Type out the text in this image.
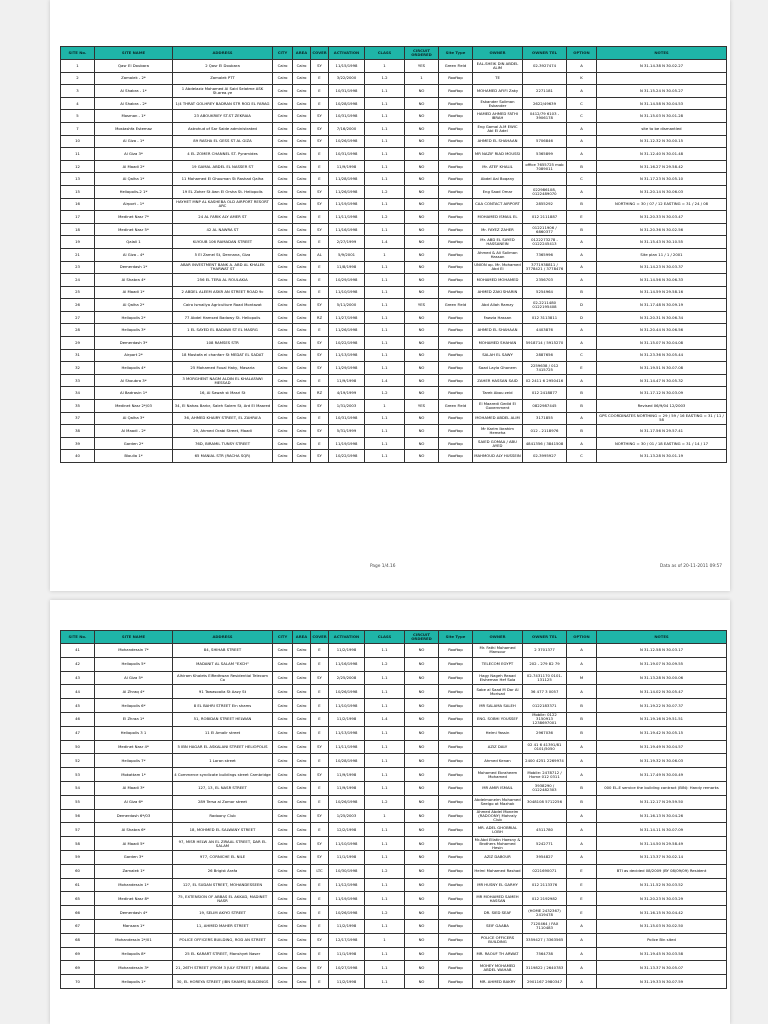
SITE No.	SITE NAME	ADDRESS	CITY	AREA	COVER	ACTIVATION	CLASS	CIRCUIT ORDERED	Site Type	OWNER	OWNER TEL	OPTION	NOTES
1	Qasr El Doubara	2 Qasr El Doubara	Cairo	Cairo	SY	11/15/1998	1	YES	Green Field	EAL-SHEIK DIN ABDEL ALIM	02-3927474	A	N 31.14.38 N 30.02.27
2	Zamalek - 2*	Zamalek PTT	Cairo	Cairo	E	3/22/2000	1.2	1	Rooftop	TE		K	
3	Al Shabra - 1*	1 Abdelaziz Mohamed Al Said Selatme ASK St.area.ye	Cairo	Cairo	E	10/31/1998	1.1	NO	Rooftop	MOHAMED AFIFI Zaky	2271181	A	N 31.15.24 N 30.05.27
4	Al Shabra - 2*	1/4 THRAT GOLHREY BADRAN STR ROD EL FARAG	Cairo	Cairo	E	10/28/1998	1.1	NO	Rooftop	Eskander Soliman Eskander	2622/49639	C	N 31.14.58 N 30.04.53
5	Mosman - 1*	23 ABOUKRIEY ST.ST ZEKRAIA	Cairo	Cairo	SY	10/31/1998	1.1	NO	Rooftop	HAMED AHMED FATHI IBRAH	0412/79 6103 - 3906178	C	N 31.15.03 N 30.01.28
7	Mostashfa Estemaz	Astrohud of Sar Saide administrated	Cairo	Cairo	SY	7/16/2000	1.1	NO	Rooftop	Eng Gamal A.M EWIC Abl El Adel		A	site to be dismantled
10	Al Giza - 1*	89 RASHA EL GESS ST AL GIZA	Cairo	Cairo	SY	10/26/1998	1.1	NO	Rooftop	AHMED EL SHAHAAN	5706846	A	N 31.12.32 N 30.00.15
11	Al Giza 3*	4 EL ZOMER CHANNEL ST. Pyramides	Cairo	Cairo	E	10/31/1998	1.1	NO	Rooftop	MR NAZIF RIAD MOUSSI	5365899	A	N 31.12.40 N 30.01.48
12	Al Maadi 2*	19 GAMAL ABDEL EL NASSER ST	Cairo	Cairo	E	11/9/1998	1.1	NO	Rooftop	Mr. ATEF KHALIL	office 7655725 mob 7089011	B	N 31.16.27 N 29.58.42
13	Al Qalha 1*	11 Mohamed El Ghouman St Rashad Qalha	Cairo	Cairo	E	11/28/1998	1.1	NO	Rooftop	Abdel Aal Boqany		C	N 31.17.23 N 30.05.10
15	Heliopolis-2 1*	19 EL Zoher St Awn El Orsha St. Heliopolis	Cairo	Cairo	SY	11/26/1998	1.2	NO	Rooftop	Eng Saad Omar	022986108, 0122489070	A	N 31.20.14 N 30.06.03
16	Airport - 1*	HAYHET MNP AL KASHEBA OLD AIRPORT RESORT ARC	Cairo	Cairo	SY	11/19/1998	1.1	NO	Rooftop	CAA CONTACT AIRPORT	2855292	B	NORTHING = 30 / 07 / 12 EASTING = 31 / 24 / 08
17	Medinet Nasr 7*	24 AL FARIK ALY AMER ST	Cairo	Cairo	E	11/11/1998	1.2	NO	Rooftop	MOHAMED ISMAIL EL	012 2111887	E	N 31.20.33 N 30.03.47
18	Medinet Nasr 5*	42 AL NAWRA ST	Cairo	Cairo	SY	11/16/1998	1.1	NO	Rooftop	Mr. FAYEZ ZAHER	012211906 / 6860377	B	N 31.20.36 N 30.02.56
19	Qalali 1	KLYOUB 106 RAMADAN STREET	Cairo	Cairo	E	2/27/1999	1.4	NO	Rooftop	Mr. ABD EL SAYED HASSANEIN	0122273278 - 0122245413	A	N 31.15.43 N 30.10.55
21	Al Giza - 4*	5 El Zamel St, Dennana, Giza	Cairo	Cairo	AL	5/9/2001	1	NO	Rooftop	Ahmed & Ali Soliman Hassan	7365996	A	Site plan 11 / 1 / 2001
23	Demerdash 1*	ABAR INVESTMENT BANK A. ABD AL KHALEK THARWAT ST	Cairo	Cairo	E	11/8/1998	1.1	NO	Rooftop	UNION op. Mr. Mohamed Abd El	3771938811 / 3778421 / 3778476	A	N 31.14.23 N 30.03.37
24	Al Shabra 4*	256 EL TERA AL ROULAKIA	Cairo	Cairo	E	10/29/1998	1.1	NO	Rooftop	MOHAMED MOHAMED	2356703	A	N 31.14.56 N 30.06.33
25	Al Maadi 1*	2 ABDEL ALEEM ASKR AN STREET ROAD 9c	Cairo	Cairo	E	11/10/1998	1.1	NO	Rooftop	AHMED ZAKI SHARIN	5254964	B	N 31.14.59 N 29.58.16
26	Al Qalha 2*	Cairo Ismailya Agriculture Road Montazat	Cairo	Cairo	SY	5/11/2000	1.1	YES	Green Field	Abd Allah Ramzy	02-2211480 0122195408	D	N 31.17.48 N 30.09.19
27	Heliopolis 2*	77 Abdel Hamsed Badawy St. Heliopolis	Cairo	Cairo	RZ	11/27/1998	1.1	NO	Rooftop	Fawzia Hassan	012 3113811	D	N 31.20.31 N 30.06.34
28	Heliopolis 3*	1 EL SAYED EL BADAWI ST EL MASRG	Cairo	Cairo	E	11/26/1998	1.1	NO	Rooftop	AHMED EL SHAHAAN	4403876	A	N 31.20.44 N 30.06.56
29	Demerdash 3*	108 RAMSES STR	Cairo	Cairo	SY	10/22/1998	1.1	NO	Rooftop	MOHAMED SHAHAN	5918714 / 5915270	A	N 31.15.07 N 30.04.08
31	Airport 2*	18 Mostafa el chanfarr St MEDAT EL SADAT	Cairo	Cairo	SY	11/13/1998	1.1	NO	Rooftop	SALAH EL SAWY	2887656	C	N 31.23.36 N 30.05.44
32	Heliopolis 4*	25 Mohamed Foual Haky, Masaria	Cairo	Cairo	SY	11/29/1998	1.1	NO	Rooftop	Saad Layla Ghonem	2259638 / 012 7415725	E	N 31.19.51 N 30.07.08
33	Al Shoubra 3*	3 MORGHENT NAGM ALDIN EL KHALAFAWI MESSAD	Cairo	Cairo	E	11/9/1998	1.4	NO	Rooftop	ZAHER HASSAN SAID	02 2411 6 2950416	A	N 31.14.47 N 30.05.32
34	Al Badrasin 1*	16, Al Sawah st Masri St	Cairo	Cairo	RZ	4/19/1999	1.2	NO	Rooftop	Tarek Abou zeid	012 2418877	B	N 31.17.12 N 30.03.09
35	Medinet Nasr 2*/03	34, El Nahas Barbr, Saleh Salem St, Ard El Maared	Cairo	Cairo	SY	1/31/2003	1	YES	Green Field	El Maaredi Gedid El Government	0822987445	B	Revised 06/9/04 12/2003
37	Al Qalha 3*	36, AHMED KHAIRY STREET, EL ZAHRA'A	Cairo	Cairo	E	10/31/1998	1.1	NO	Rooftop	MOHAMED ABDEL ALIM	3171855	A	GPS COORDINATES NORTHING = 29 / 59 / 16 EASTING = 31 / 11 / 58
38	Al Maadi - 2*	29, Ahmed Orabi Street, Maadi	Cairo	Cairo	SY	5/31/1999	1.1	NO	Rooftop	Mr Karim Ibrahim Hemeha	012 - 2118976	B	N 31.17.56 N 29.57.41
39	Garden 2*	76D, BIRAMIL TUNSY STREET	Cairo	Cairo	E	11/19/1998	1.1	NO	Rooftop	SAIED GOMAA / ABU AYED	4841356 / 3841508	A	NORTHING = 30 / 01 / 18 EASTING = 31 / 14 / 17
40	Bloulia 1*	65 MANIAL STR (RACHA SQR)	Cairo	Cairo	SY	10/22/1998	1.1	NO	Rooftop	MAHMOUD ALY HUSSEIN	02-3995927	C	N 31.13.28 N 30.01.19
Page 1/4.16	Data as of 20-11-2011 09:57
SITE No.	SITE NAME	ADDRESS	CITY	AREA	COVER	ACTIVATION	CLASS	CIRCUIT ORDERED	Site Type	OWNER	OWNER TEL	OPTION	NOTES
41	Mohandessin 7*	84, SHIHAB STREET	Cairo	Cairo	E	11/2/1998	1.1	NO	Rooftop	Mr. Fathi Mohamed Mansour	2 3701377	A	N 31.12.58 N 30.03.17
42	Heliopolis 5*	MADANIT AL SALAM "EXCH"	Cairo	Cairo	E	11/16/1998	1.2	NO	Rooftop	TELECOM EGYPT	202 - 279 82 79	A	N 31.19.07 N 30.09.55
43	Al Giza 5*	Alhiram Khalets ElRedhwan Residential Telecom Co	Cairo	Cairo	SY	2/25/2008	1.1	NO	Rooftop	Hagy Nageh Reaad Elsheman Hef Sola	02-7431170 0101-131125	M	N 31.13.28 N 30.00.06
44	Al Zhraq 4*	91 Tawasoolia St Aazy St	Cairo	Cairo	E	10/26/1998	1.1	NO	Rooftop	Sabe al Saad M Dar Al Morisad	36 477 3 0057	A	N 31.14.02 N 30.05.47
45	Heliopolis 6*	8 EL BAHRI STREET Ein shams	Cairo	Cairo	E	11/10/1998	1.1	NO	Rooftop	MR SALAMA SALEH	0122183371	B	N 31.19.22 N 30.07.37
46	El Zhraa 1*	51, ROBIDAN STREET HELWAN	Cairo	Cairo	E	11/2/1998	1.4	NO	Rooftop	ENG. SOBHI YOUSSEF	Mobile: 0122 3150913 1238697001	B	N 31.19.16 N 29.51.51
47	Heliopolis 3 1	11 El Amalir street	Cairo	Cairo	E	11/13/1998	1.1	NO	Rooftop	Helmi Yassin	2967036	B	N 31.19.42 N 30.05.15
50	Medinet Nasr 4*	5 IBN HAGAR EL ASKALANI STREET HELIOPOLIS	Cairo	Cairo	SY	11/11/1998	1.1	NO	Rooftop	AZIZ DALY	02 41 6 41391/81 0101/5050	A	N 31.19.49 N 30.04.57
52	Heliopolis 7*	1 Loran street	Cairo	Cairo	E	10/28/1998	1.1	NO	Rooftop	Ahmed Kenan	2400 4251 2269974	A	N 31.19.32 N 30.06.03
53	Mokattam 1*	4 Commerce syndicate buildings street Cambridge	Cairo	Cairo	SY	11/9/1998	1.1	NO	Rooftop	Mohamed Ebraheem Mohamed	Mobile: 2478712 / Home 012 0311	A	N 31.17.49 N 30.00.49
54	Al Maadi 3*	127, 13, EL NASR STREET	Cairo	Cairo	E	11/9/1998	1.1	NO	Rooftop	MR AMIR ISMAIL	3938290 / 0122482303	B	000 EL-E service the building contract (BIN): Handy remarks
55	Al Giza 6*	289 Tersa al Zomor street	Cairo	Cairo	E	10/26/1998	1.2	NO	Rooftop	Abdelmoneim Mohamed Seelgo at Mazhak	3048108 5712256	B	N 31.12.17 N 29.59.50
56	Demerdash 6*/03	Radoony Club	Cairo	Cairo	SY	1/25/2003	1	NO	Rooftop	Ahmed Abdel Moneim (RADOONY) Mohraly Club		A	N 31.16.13 N 30.04.26
57	Al Shabra 6*	18, MOHMED EL SALWANY STREET	Cairo	Cairo	E	12/2/1998	1.1	NO	Rooftop	MR. ADEL GHOBRIAL LOBH	4511780	A	N 31.14.11 N 30.07.09
58	Al Maadi 5*	97, MISR HELW AN EL ZIRAAL STREET, DAR EL SALAM	Cairo	Cairo	SY	11/10/1998	1.1	NO	Rooftop	Mr.Abd Ellatin Hoesny & Brothers Mohamed Hesin	5242771	A	N 31.14.50 N 29.58.49
59	Garden 3*	977, CORNICHE EL NILE	Cairo	Cairo	SY	11/1/1998	1.1	NO	Rooftop	AZIZ DABOUR	3954827	A	N 31.13.37 N 30.02.14
60	Zamalek 1*	26 Brigist Arafa	Cairo	Cairo	LTC	10/30/1998	1.2	NO	Rooftop	Helmi Mohamed Rashad	0221690071	E	BTI as decided 08/2009 (BY 08/09/09) Resident
61	Mohandessin 1*	127, EL SUDAN STREET, MOHANDESSEEN	Cairo	Cairo	E	11/12/1998	1.1	NO	Rooftop	MR HUSNY EL GARHY	012 2113376	E	N 31.11.52 N 30.03.52
65	Medinet Nasr 8*	75, EXTENSION OF ABBAS EL AKKAD, MADINET NASR	Cairo	Cairo	E	11/19/1998	1.1	NO	Rooftop	MR MOHAMED SAMEH HASSAN	012 2192982	E	N 31.20.23 N 30.03.29
66	Demerdash 4*	19, SELIM AKIYO STREET	Cairo	Cairo	E	10/26/1998	1.2	NO	Rooftop	DR. SIED SEAF	(HOME 2432367) 2419478	E	N 31.16.15 N 30.04.42
67	Mansara 1*	11, AHMED MAHER STREET	Cairo	Cairo	E	11/2/1998	1.1	NO	Rooftop	SEIF GAABA	7120464 / FAX 7110483	A	N 31.15.03 N 30.02.50
68	Mohandessin 2*/01	POLICE OFFICERS BUILDING, ROD AN STREET	Cairo	Cairo	SY	12/17/1998	1	NO	Rooftop	POLICE OFFICERS BUILDING	3359427 / 3363565	A	Police Bin sited
69	Heliopolis 8*	25 EL KARART STREET, Manshyet Naser	Cairo	Cairo	E	11/1/1998	1.1	NO	Rooftop	MR. RAOUF TH ARWAT	7564738	A	N 31.19.45 N 30.03.58
69	Mohandessin 3*	21, 26TH STREET (FROM 3 JULY STREET ) IMBABA	Cairo	Cairo	SY	10/27/1998	1.1	NO	Rooftop	MOHEY MOHAMED ABDEL WAHAB	3119822 / 2640783	A	N 31.13.37 N 30.05.07
70	Heliopolis 1*	30, EL HOREYA STREET (IBN SHAMS) BUILDINGS	Cairo	Cairo	E	11/2/1998	1.1	NO	Rooftop	MR. AHMED BAKRY	2901167 2980347	A	N 31.19.33 N 30.07.59
